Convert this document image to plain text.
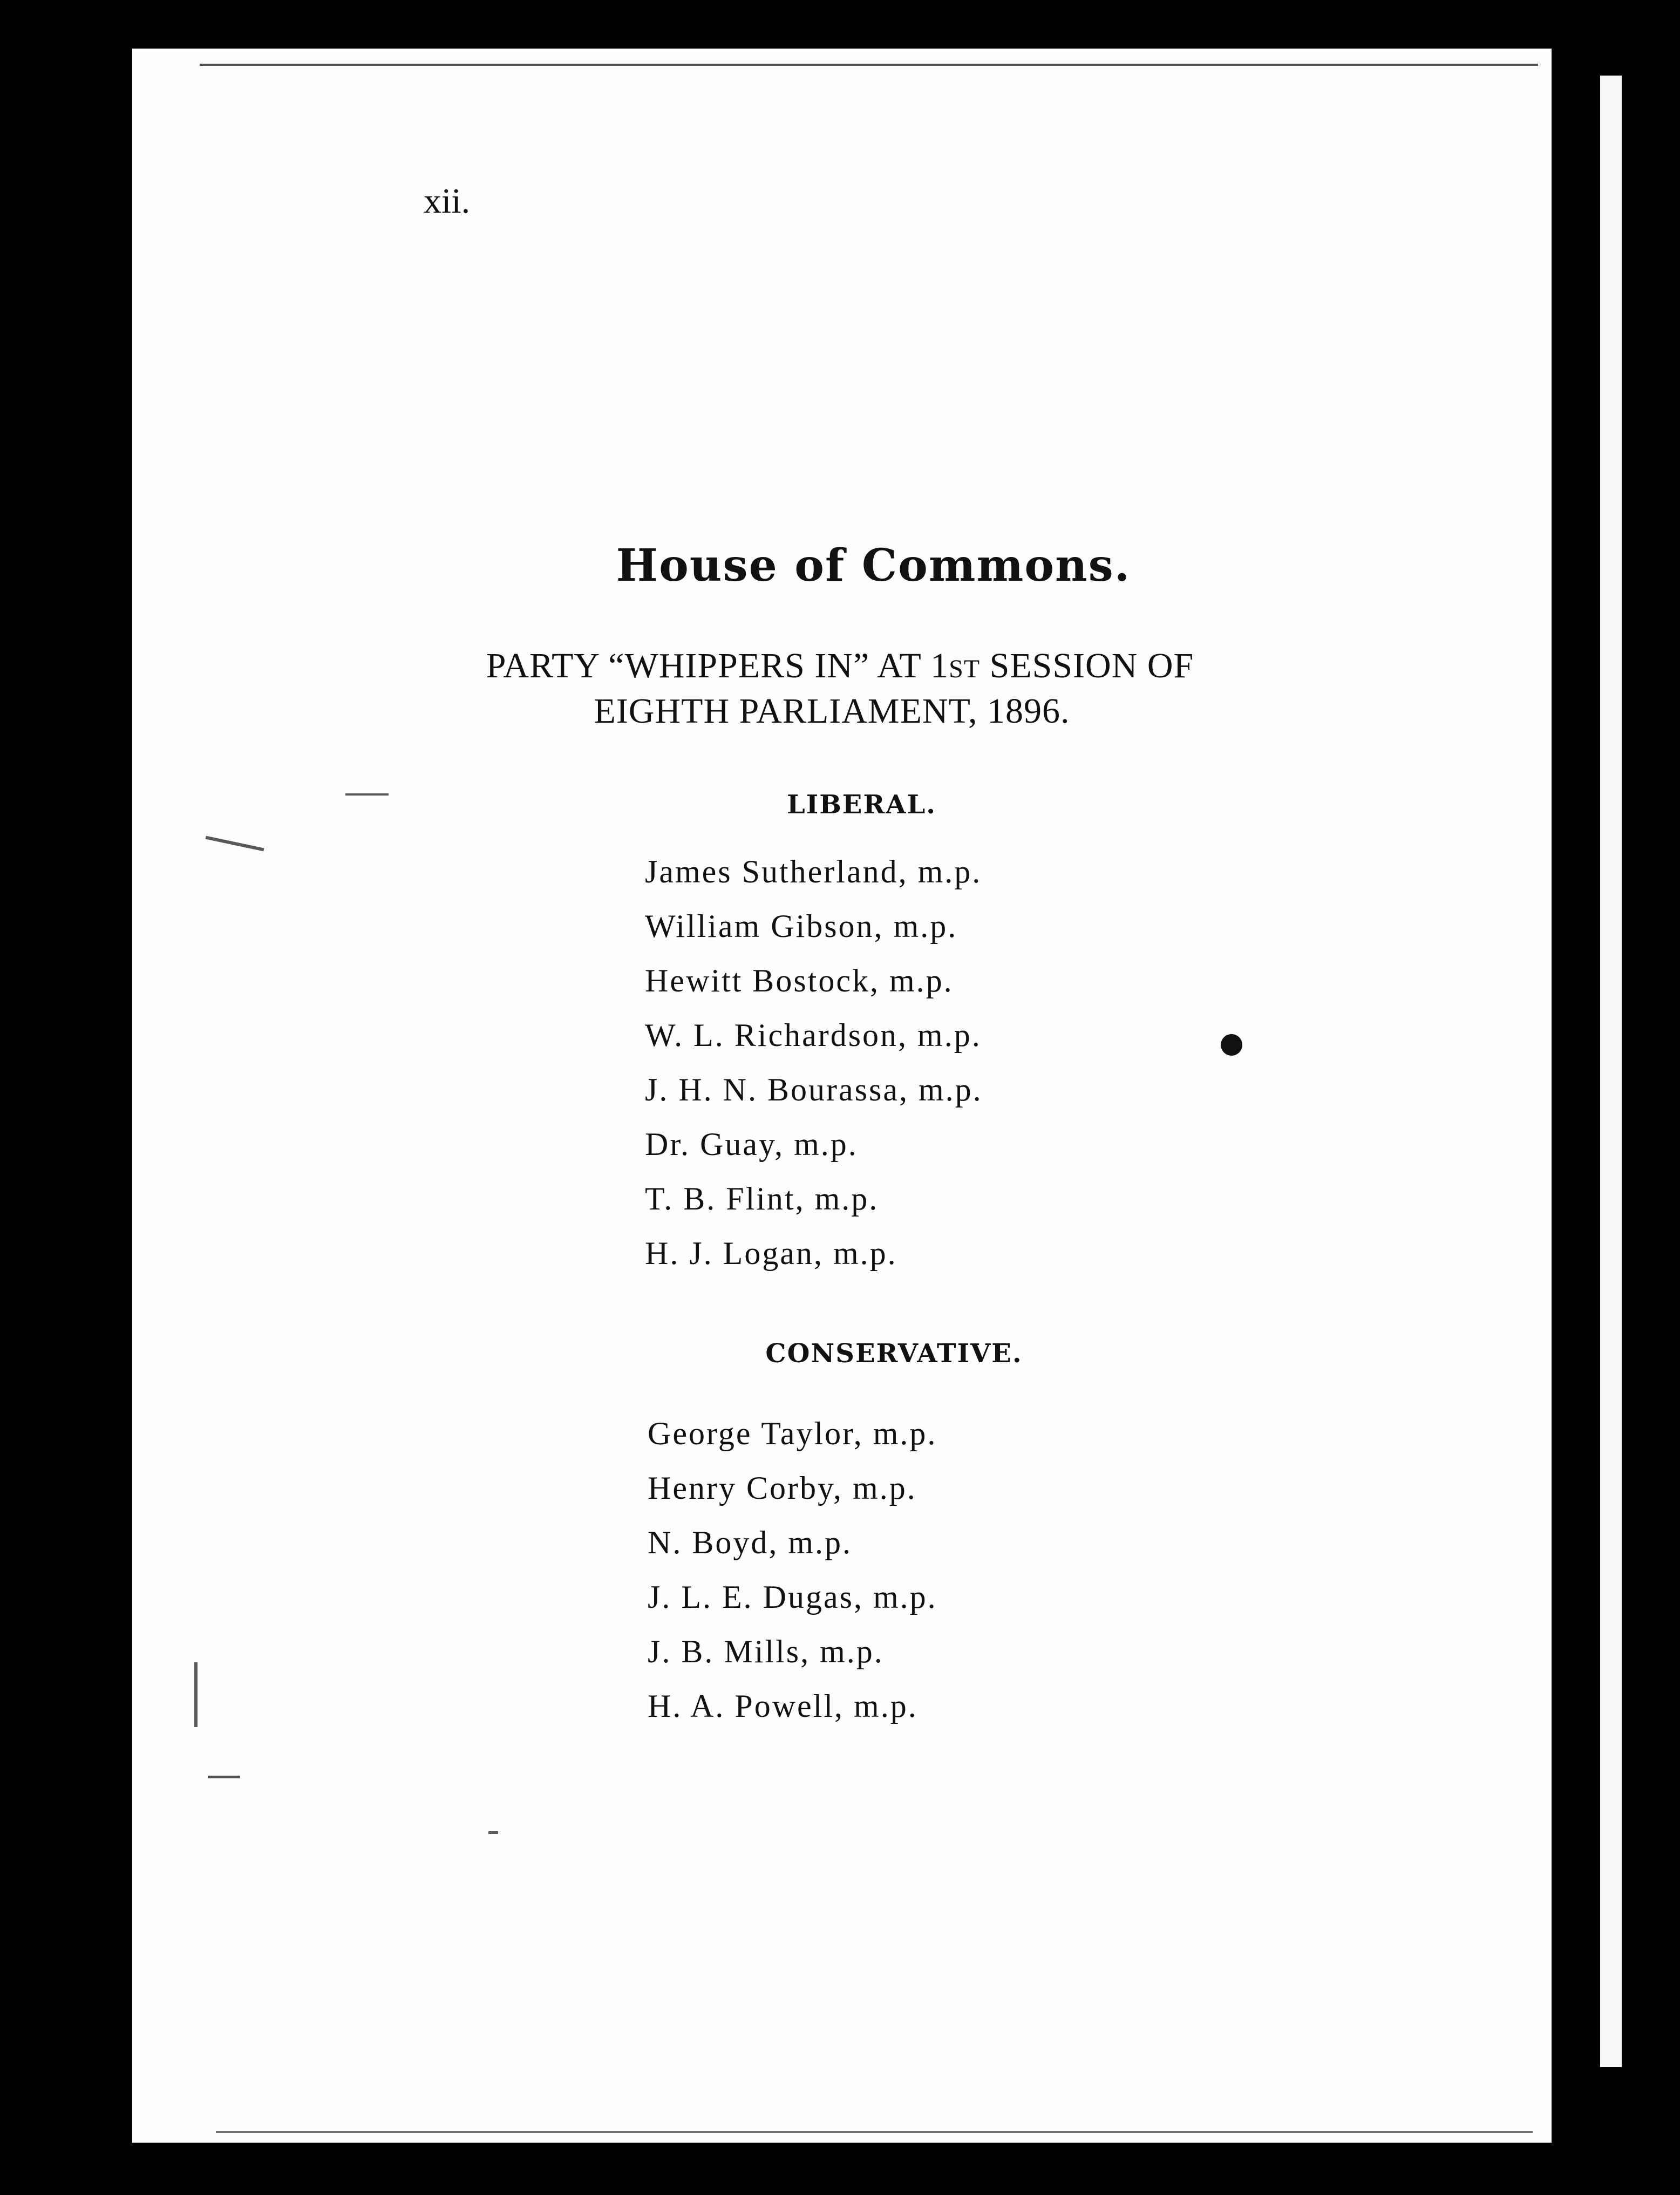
xii.
House of Commons.
PARTY “WHIPPERS IN” AT 1ST SESSION OF
EIGHTH PARLIAMENT, 1896.
LIBERAL.
James Sutherland, m.p.
William Gibson, m.p.
Hewitt Bostock, m.p.
W. L. Richardson, m.p.
J. H. N. Bourassa, m.p.
Dr. Guay, m.p.
T. B. Flint, m.p.
H. J. Logan, m.p.
CONSERVATIVE.
George Taylor, m.p.
Henry Corby, m.p.
N. Boyd, m.p.
J. L. E. Dugas, m.p.
J. B. Mills, m.p.
H. A. Powell, m.p.
